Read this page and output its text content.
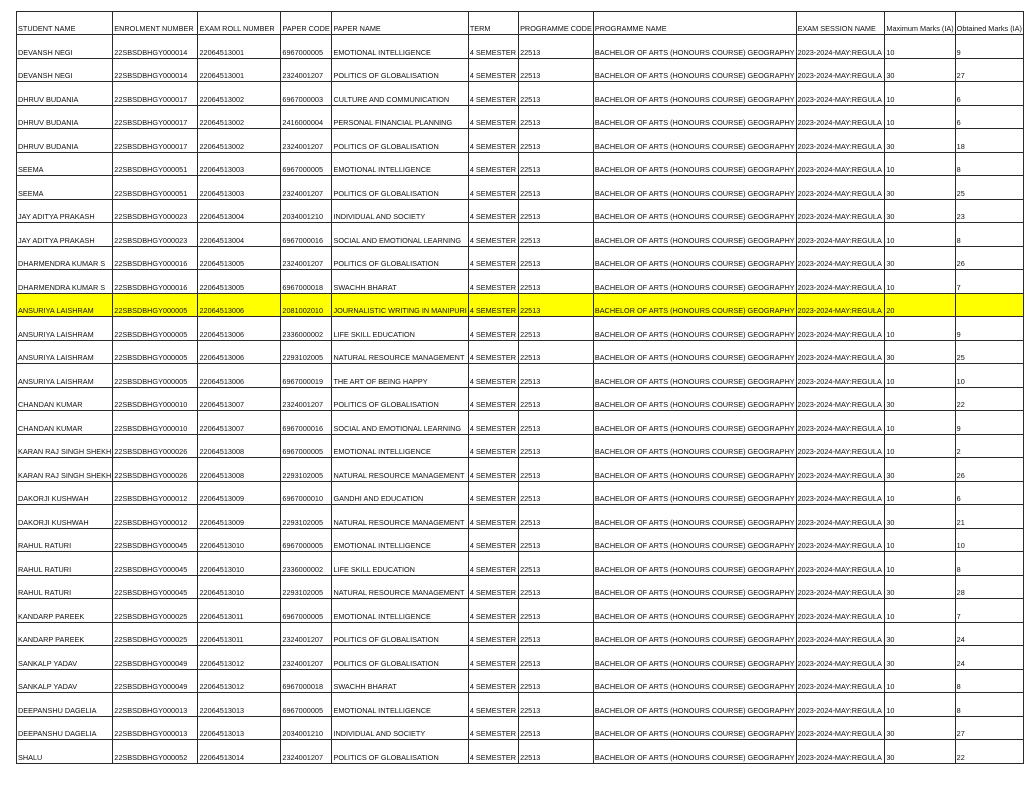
STUDENT NAME	ENROLMENT NUMBER	EXAM ROLL NUMBER	PAPER CODE	PAPER NAME	TERM	PROGRAMME CODE	PROGRAMME NAME	EXAM SESSION NAME	Maximum Marks (IA)	Obtained Marks (IA)
DEVANSH NEGI	22SBSDBHGY000014	22064513001	6967000005	EMOTIONAL INTELLIGENCE	4 SEMESTER	22513	BACHELOR OF ARTS (HONOURS COURSE) GEOGRAPHY	2023-2024-MAY:REGULA	10	9
DEVANSH NEGI	22SBSDBHGY000014	22064513001	2324001207	POLITICS OF GLOBALISATION	4 SEMESTER	22513	BACHELOR OF ARTS (HONOURS COURSE) GEOGRAPHY	2023-2024-MAY:REGULA	30	27
DHRUV BUDANIA	22SBSDBHGY000017	22064513002	6967000003	CULTURE AND COMMUNICATION	4 SEMESTER	22513	BACHELOR OF ARTS (HONOURS COURSE) GEOGRAPHY	2023-2024-MAY:REGULA	10	6
DHRUV BUDANIA	22SBSDBHGY000017	22064513002	2416000004	PERSONAL FINANCIAL PLANNING	4 SEMESTER	22513	BACHELOR OF ARTS (HONOURS COURSE) GEOGRAPHY	2023-2024-MAY:REGULA	10	6
DHRUV BUDANIA	22SBSDBHGY000017	22064513002	2324001207	POLITICS OF GLOBALISATION	4 SEMESTER	22513	BACHELOR OF ARTS (HONOURS COURSE) GEOGRAPHY	2023-2024-MAY:REGULA	30	18
SEEMA	22SBSDBHGY000051	22064513003	6967000005	EMOTIONAL INTELLIGENCE	4 SEMESTER	22513	BACHELOR OF ARTS (HONOURS COURSE) GEOGRAPHY	2023-2024-MAY:REGULA	10	8
SEEMA	22SBSDBHGY000051	22064513003	2324001207	POLITICS OF GLOBALISATION	4 SEMESTER	22513	BACHELOR OF ARTS (HONOURS COURSE) GEOGRAPHY	2023-2024-MAY:REGULA	30	25
JAY ADITYA PRAKASH	22SBSDBHGY000023	22064513004	2034001210	INDIVIDUAL AND SOCIETY	4 SEMESTER	22513	BACHELOR OF ARTS (HONOURS COURSE) GEOGRAPHY	2023-2024-MAY:REGULA	30	23
JAY ADITYA PRAKASH	22SBSDBHGY000023	22064513004	6967000016	SOCIAL AND EMOTIONAL LEARNING	4 SEMESTER	22513	BACHELOR OF ARTS (HONOURS COURSE) GEOGRAPHY	2023-2024-MAY:REGULA	10	8
DHARMENDRA KUMAR S	22SBSDBHGY000016	22064513005	2324001207	POLITICS OF GLOBALISATION	4 SEMESTER	22513	BACHELOR OF ARTS (HONOURS COURSE) GEOGRAPHY	2023-2024-MAY:REGULA	30	26
DHARMENDRA KUMAR S	22SBSDBHGY000016	22064513005	6967000018	SWACHH BHARAT	4 SEMESTER	22513	BACHELOR OF ARTS (HONOURS COURSE) GEOGRAPHY	2023-2024-MAY:REGULA	10	7
ANSURIYA LAISHRAM	22SBSDBHGY000005	22064513006	2081002010	JOURNALISTIC WRITING IN MANIPURI	4 SEMESTER	22513	BACHELOR OF ARTS (HONOURS COURSE) GEOGRAPHY	2023-2024-MAY:REGULA	20	
ANSURIYA LAISHRAM	22SBSDBHGY000005	22064513006	2336000002	LIFE SKILL EDUCATION	4 SEMESTER	22513	BACHELOR OF ARTS (HONOURS COURSE) GEOGRAPHY	2023-2024-MAY:REGULA	10	9
ANSURIYA LAISHRAM	22SBSDBHGY000005	22064513006	2293102005	NATURAL RESOURCE MANAGEMENT	4 SEMESTER	22513	BACHELOR OF ARTS (HONOURS COURSE) GEOGRAPHY	2023-2024-MAY:REGULA	30	25
ANSURIYA LAISHRAM	22SBSDBHGY000005	22064513006	6967000019	THE ART OF BEING HAPPY	4 SEMESTER	22513	BACHELOR OF ARTS (HONOURS COURSE) GEOGRAPHY	2023-2024-MAY:REGULA	10	10
CHANDAN KUMAR	22SBSDBHGY000010	22064513007	2324001207	POLITICS OF GLOBALISATION	4 SEMESTER	22513	BACHELOR OF ARTS (HONOURS COURSE) GEOGRAPHY	2023-2024-MAY:REGULA	30	22
CHANDAN KUMAR	22SBSDBHGY000010	22064513007	6967000016	SOCIAL AND EMOTIONAL LEARNING	4 SEMESTER	22513	BACHELOR OF ARTS (HONOURS COURSE) GEOGRAPHY	2023-2024-MAY:REGULA	10	9
KARAN RAJ SINGH SHEKH	22SBSDBHGY000026	22064513008	6967000005	EMOTIONAL INTELLIGENCE	4 SEMESTER	22513	BACHELOR OF ARTS (HONOURS COURSE) GEOGRAPHY	2023-2024-MAY:REGULA	10	2
KARAN RAJ SINGH SHEKH	22SBSDBHGY000026	22064513008	2293102005	NATURAL RESOURCE MANAGEMENT	4 SEMESTER	22513	BACHELOR OF ARTS (HONOURS COURSE) GEOGRAPHY	2023-2024-MAY:REGULA	30	26
DAKORJI KUSHWAH	22SBSDBHGY000012	22064513009	6967000010	GANDHI AND EDUCATION	4 SEMESTER	22513	BACHELOR OF ARTS (HONOURS COURSE) GEOGRAPHY	2023-2024-MAY:REGULA	10	6
DAKORJI KUSHWAH	22SBSDBHGY000012	22064513009	2293102005	NATURAL RESOURCE MANAGEMENT	4 SEMESTER	22513	BACHELOR OF ARTS (HONOURS COURSE) GEOGRAPHY	2023-2024-MAY:REGULA	30	21
RAHUL RATURI	22SBSDBHGY000045	22064513010	6967000005	EMOTIONAL INTELLIGENCE	4 SEMESTER	22513	BACHELOR OF ARTS (HONOURS COURSE) GEOGRAPHY	2023-2024-MAY:REGULA	10	10
RAHUL RATURI	22SBSDBHGY000045	22064513010	2336000002	LIFE SKILL EDUCATION	4 SEMESTER	22513	BACHELOR OF ARTS (HONOURS COURSE) GEOGRAPHY	2023-2024-MAY:REGULA	10	8
RAHUL RATURI	22SBSDBHGY000045	22064513010	2293102005	NATURAL RESOURCE MANAGEMENT	4 SEMESTER	22513	BACHELOR OF ARTS (HONOURS COURSE) GEOGRAPHY	2023-2024-MAY:REGULA	30	28
KANDARP PAREEK	22SBSDBHGY000025	22064513011	6967000005	EMOTIONAL INTELLIGENCE	4 SEMESTER	22513	BACHELOR OF ARTS (HONOURS COURSE) GEOGRAPHY	2023-2024-MAY:REGULA	10	7
KANDARP PAREEK	22SBSDBHGY000025	22064513011	2324001207	POLITICS OF GLOBALISATION	4 SEMESTER	22513	BACHELOR OF ARTS (HONOURS COURSE) GEOGRAPHY	2023-2024-MAY:REGULA	30	24
SANKALP YADAV	22SBSDBHGY000049	22064513012	2324001207	POLITICS OF GLOBALISATION	4 SEMESTER	22513	BACHELOR OF ARTS (HONOURS COURSE) GEOGRAPHY	2023-2024-MAY:REGULA	30	24
SANKALP YADAV	22SBSDBHGY000049	22064513012	6967000018	SWACHH BHARAT	4 SEMESTER	22513	BACHELOR OF ARTS (HONOURS COURSE) GEOGRAPHY	2023-2024-MAY:REGULA	10	8
DEEPANSHU DAGELIA	22SBSDBHGY000013	22064513013	6967000005	EMOTIONAL INTELLIGENCE	4 SEMESTER	22513	BACHELOR OF ARTS (HONOURS COURSE) GEOGRAPHY	2023-2024-MAY:REGULA	10	8
DEEPANSHU DAGELIA	22SBSDBHGY000013	22064513013	2034001210	INDIVIDUAL AND SOCIETY	4 SEMESTER	22513	BACHELOR OF ARTS (HONOURS COURSE) GEOGRAPHY	2023-2024-MAY:REGULA	30	27
SHALU	22SBSDBHGY000052	22064513014	2324001207	POLITICS OF GLOBALISATION	4 SEMESTER	22513	BACHELOR OF ARTS (HONOURS COURSE) GEOGRAPHY	2023-2024-MAY:REGULA	30	22
